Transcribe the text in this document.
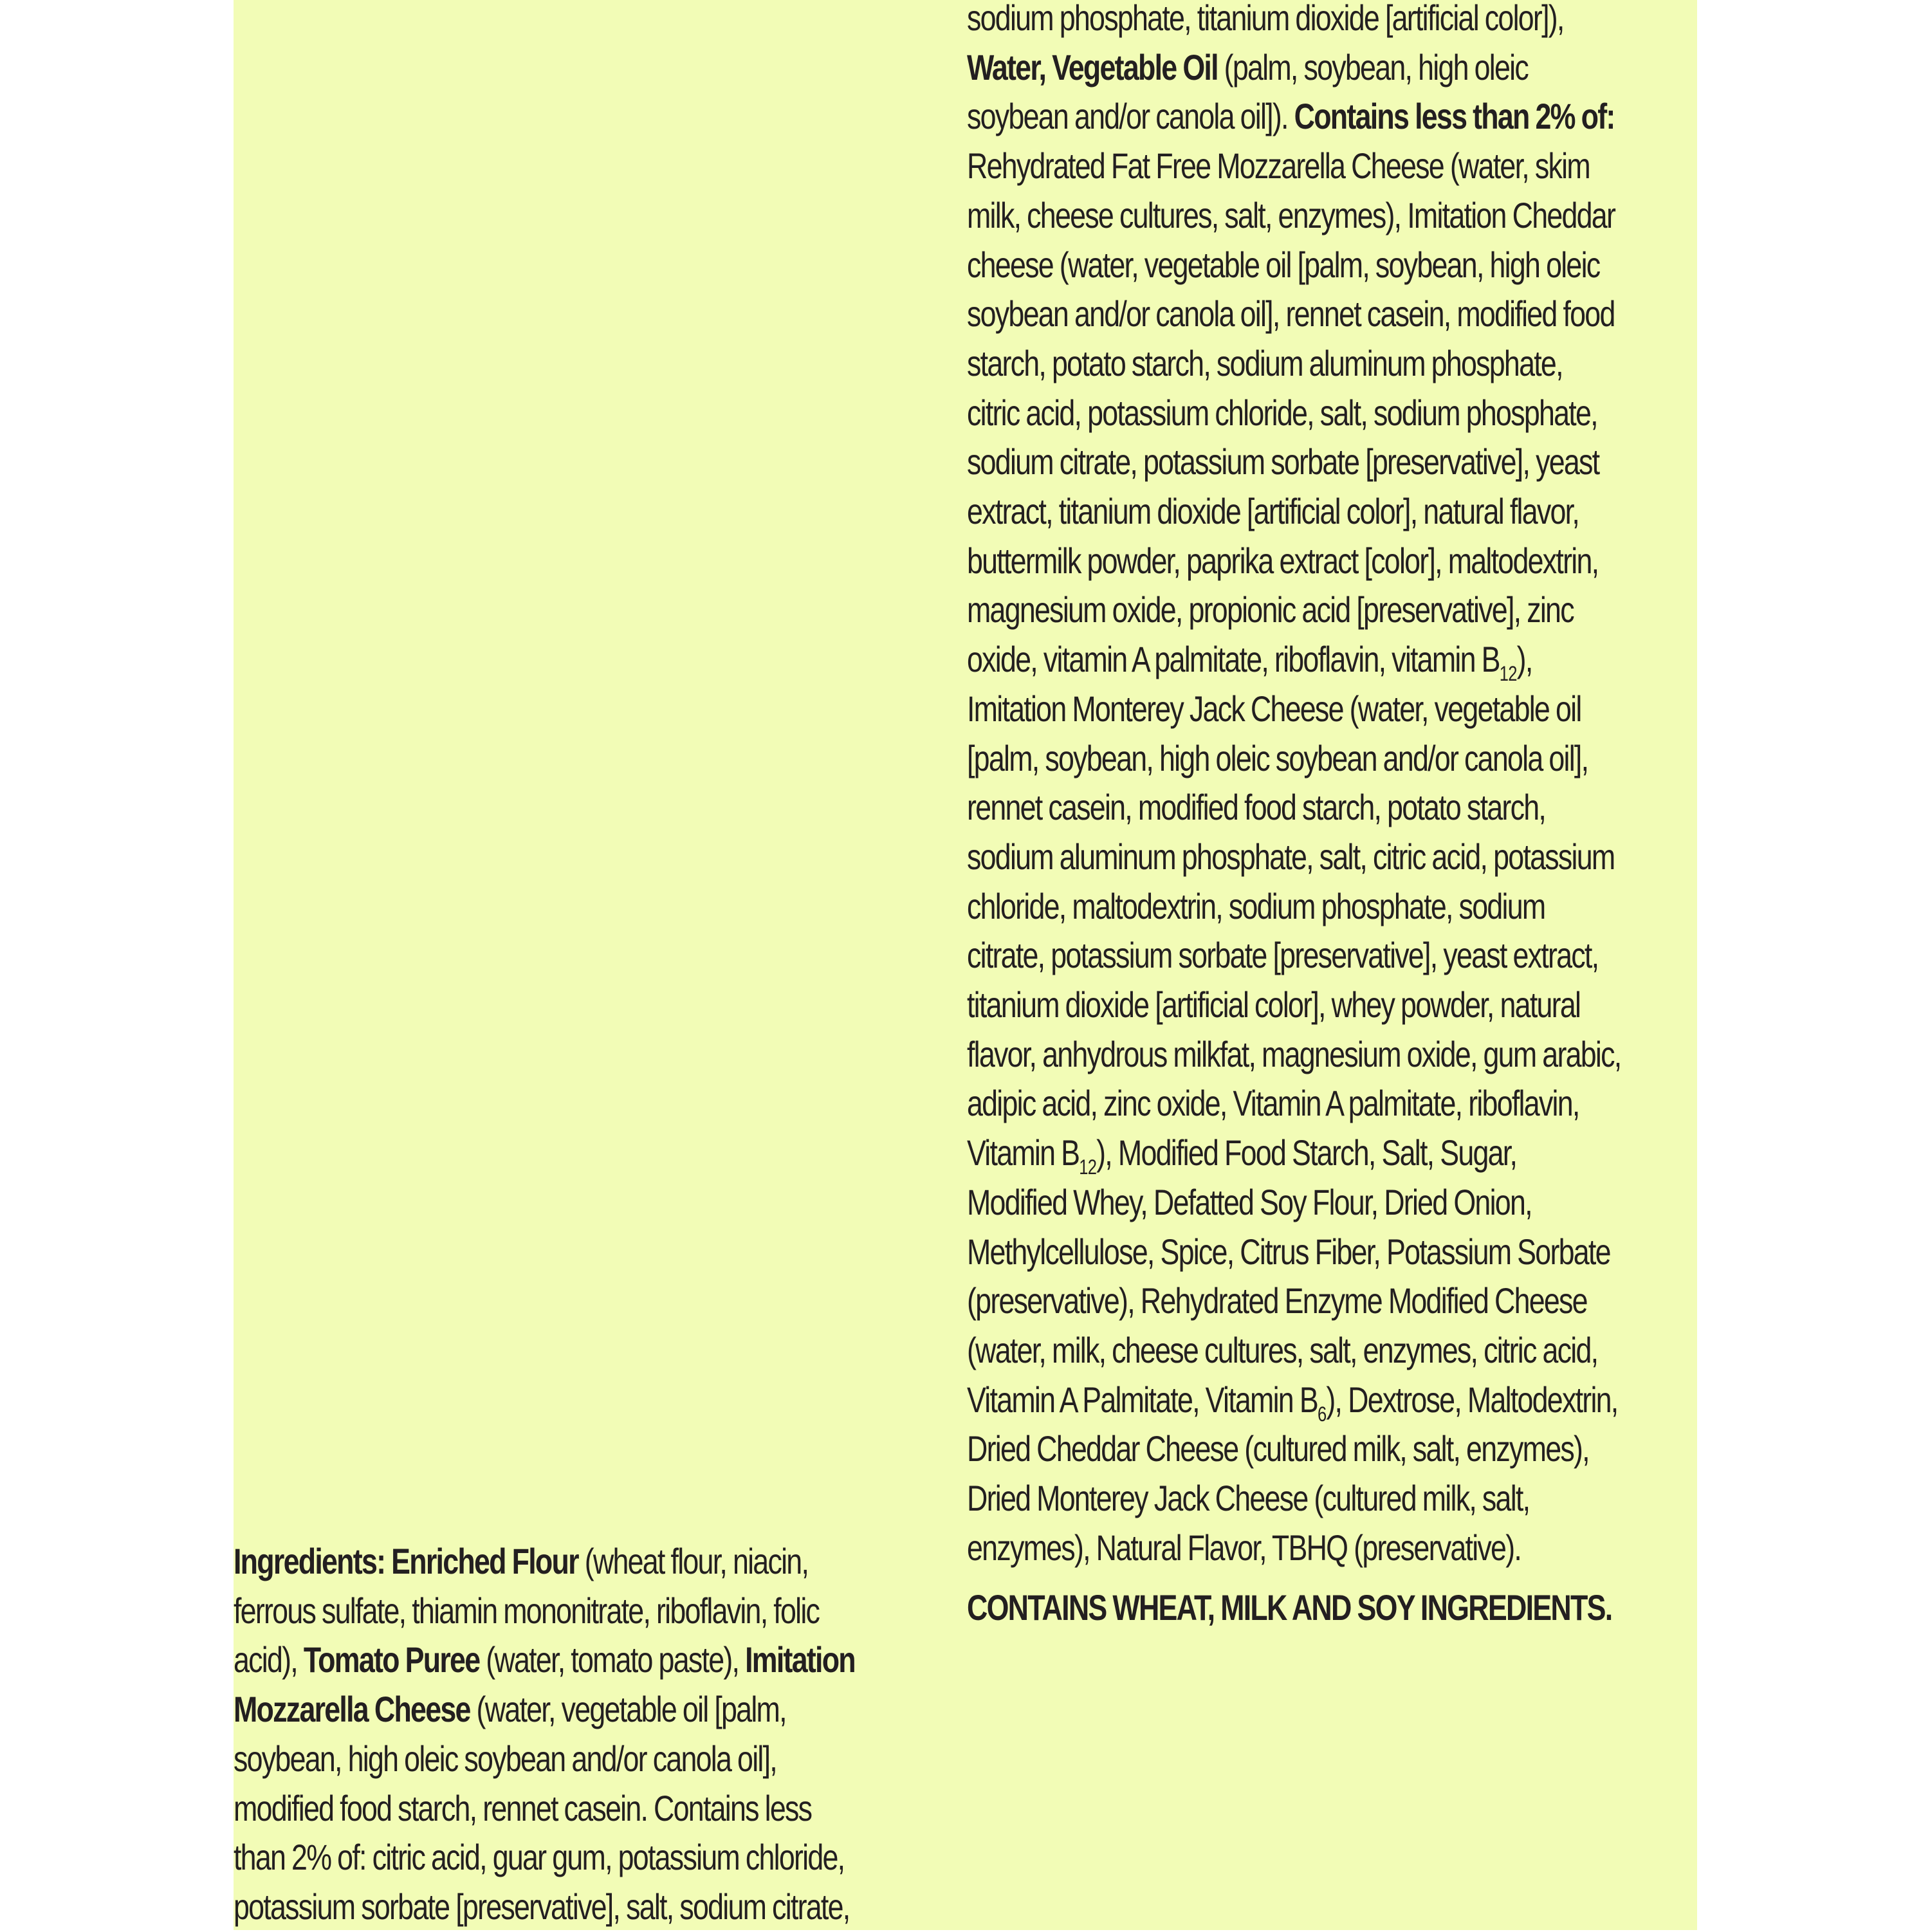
Ingredients: Enriched Flour (wheat flour, niacin,
ferrous sulfate, thiamin mononitrate, riboflavin, folic
acid), Tomato Puree (water, tomato paste), Imitation
Mozzarella Cheese (water, vegetable oil [palm,
soybean, high oleic soybean and/or canola oil],
modified food starch, rennet casein. Contains less
than 2% of: citric acid, guar gum, potassium chloride,
potassium sorbate [preservative], salt, sodium citrate,
sodium phosphate, titanium dioxide [artificial color]),
Water, Vegetable Oil (palm, soybean, high oleic
soybean and/or canola oil]). Contains less than 2% of:
Rehydrated Fat Free Mozzarella Cheese (water, skim
milk, cheese cultures, salt, enzymes), Imitation Cheddar
cheese (water, vegetable oil [palm, soybean, high oleic
soybean and/or canola oil], rennet casein, modified food
starch, potato starch, sodium aluminum phosphate,
citric acid, potassium chloride, salt, sodium phosphate,
sodium citrate, potassium sorbate [preservative], yeast
extract, titanium dioxide [artificial color], natural flavor,
buttermilk powder, paprika extract [color], maltodextrin,
magnesium oxide, propionic acid [preservative], zinc
oxide, vitamin A palmitate, riboflavin, vitamin $B_{12}$),
Imitation Monterey Jack Cheese (water, vegetable oil
[palm, soybean, high oleic soybean and/or canola oil],
rennet casein, modified food starch, potato starch,
sodium aluminum phosphate, salt, citric acid, potassium
chloride, maltodextrin, sodium phosphate, sodium
citrate, potassium sorbate [preservative], yeast extract,
titanium dioxide [artificial color], whey powder, natural
flavor, anhydrous milkfat, magnesium oxide, gum arabic,
adipic acid, zinc oxide, Vitamin A palmitate, riboflavin,
Vitamin $B_{12}$), Modified Food Starch, Salt, Sugar,
Modified Whey, Defatted Soy Flour, Dried Onion,
Methylcellulose, Spice, Citrus Fiber, Potassium Sorbate
(preservative), Rehydrated Enzyme Modified Cheese
(water, milk, cheese cultures, salt, enzymes, citric acid,
Vitamin A Palmitate, Vitamin $B_6$), Dextrose, Maltodextrin,
Dried Cheddar Cheese (cultured milk, salt, enzymes),
Dried Monterey Jack Cheese (cultured milk, salt,
enzymes), Natural Flavor, TBHQ (preservative).
CONTAINS WHEAT, MILK AND SOY INGREDIENTS.
